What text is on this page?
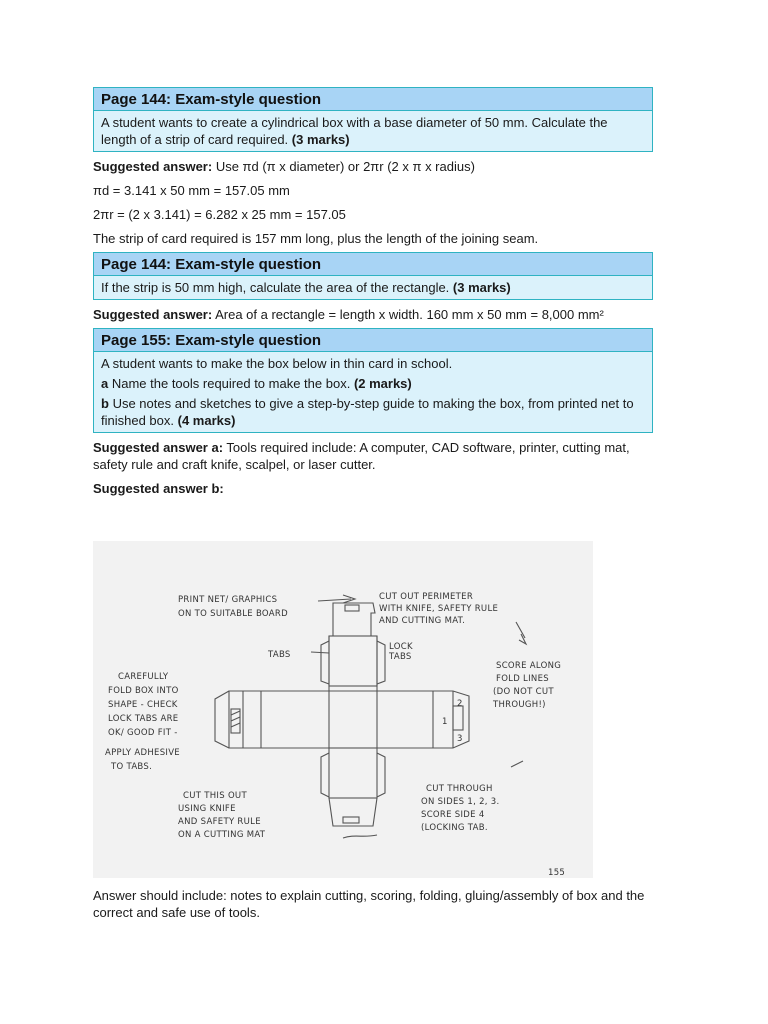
Page 144: Exam-style question

A student wants to create a cylindrical box with a base diameter of 50 mm. Calculate the length of a strip of card required. (3 marks)

Suggested answer: Use πd (π x diameter) or 2πr (2 x π x radius)

πd = 3.141 x 50 mm = 157.05 mm

2πr = (2 x 3.141) = 6.282 x 25 mm = 157.05

The strip of card required is 157 mm long, plus the length of the joining seam.

Page 144: Exam-style question

If the strip is 50 mm high, calculate the area of the rectangle. (3 marks)

Suggested answer: Area of a rectangle = length x width. 160 mm x 50 mm = 8,000 mm²

Page 155: Exam-style question

A student wants to make the box below in thin card in school.

a Name the tools required to make the box. (2 marks)

b Use notes and sketches to give a step-by-step guide to making the box, from printed net to finished box. (4 marks)

Suggested answer a: Tools required include: A computer, CAD software, printer, cutting mat, safety rule and craft knife, scalpel, or laser cutter.

Suggested answer b:

PRINT NET/ GRAPHICS
ON TO SUITABLE BOARD
CUT OUT PERIMETER
WITH KNIFE, SAFETY RULE
AND CUTTING MAT.
LOCK
TABS
TABS
SCORE ALONG
FOLD LINES
(DO NOT CUT
THROUGH!)
CAREFULLY
FOLD BOX INTO
SHAPE - CHECK
LOCK TABS ARE
OK/ GOOD FIT -
APPLY ADHESIVE
TO TABS.
CUT THIS OUT
USING KNIFE
AND SAFETY RULE
ON A CUTTING MAT
CUT THROUGH
ON SIDES 1, 2, 3.
SCORE SIDE 4
(LOCKING TAB.
1
2
3
155
Answer should include: notes to explain cutting, scoring, folding, gluing/assembly of box and the correct and safe use of tools.
